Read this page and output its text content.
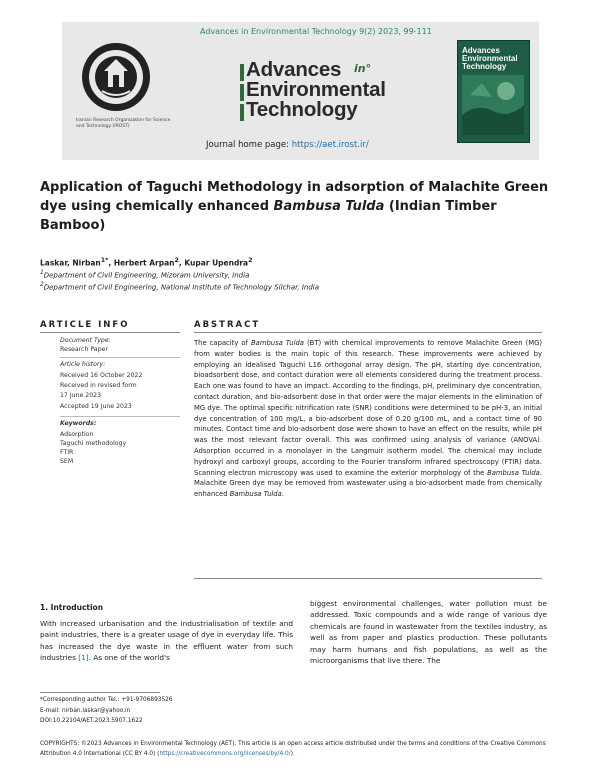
Advances in Environmental Technology 9(2) 2023, 99-111
Iranian Research Organization for Science and Technology (IROST)
Advances
Environmental
Technology
in°
Advances
Environmental
Technology
Journal home page: https://aet.irost.ir/
Application of Taguchi Methodology in adsorption of Malachite Green dye using chemically enhanced Bambusa Tulda (Indian Timber Bamboo)
Laskar, Nirban$^{1*}$, Herbert Arpan$^2$, Kupar Upendra$^2$
$^1$Department of Civil Engineering, Mizoram University, India
$^2$Department of Civil Engineering, National Institute of Technology Silchar, India
ARTICLE INFO	ABSTRACT
Document Type:
Research Paper
Article history:
Received 16 October 2022
Received in revised form
17 June 2023
Accepted 19 June 2023
Keywords:
Adsorption
Taguchi methodology
FTIR
SEM
The capacity of Bambusa Tulda (BT) with chemical improvements to remove Malachite Green (MG) from water bodies is the main topic of this research. These improvements were achieved by employing an idealised Taguchi L16 orthogonal array design. The pH, starting dye concentration, bioadsorbent dose, and contact duration were all elements considered during the treatment process. Each one was found to have an impact. According to the findings, pH, preliminary dye concentration, contact duration, and bio-adsorbent dose in that order were the major elements in the elimination of MG dye. The optimal specific nitrification rate (SNR) conditions were determined to be pH-3, an initial dye concentration of 100 mg/L, a bio-adsorbent dose of 0.20 g/100 mL, and a contact time of 90 minutes. Contact time and bio-adsorbent dose were shown to have an effect on the results, while pH was the most relevant factor overall. This was confirmed using analysis of variance (ANOVA). Adsorption occurred in a monolayer in the Langmuir isotherm model. The chemical may include hydroxyl and carboxyl groups, according to the Fourier transform infrared spectroscopy (FTIR) data. Scanning electron microscopy was used to examine the exterior morphology of the Bambusa Tulda. Malachite Green dye may be removed from wastewater using a bio-adsorbent made from chemically enhanced Bambusa Tulda.
1. Introduction
With increased urbanisation and the industrialisation of textile and paint industries, there is a greater usage of dye in everyday life. This has increased the dye waste in the effluent water from such industries [1]. As one of the world's
biggest environmental challenges, water pollution must be addressed. Toxic compounds and a wide range of various dye chemicals are found in wastewater from the textiles industry, as well as from paper and plastics production. These pollutants may harm humans and fish populations, as well as the microorganisms that live there. The
*Corresponding author Tel.: +91-9706893526
E-mail: nirban.laskar@yahoo.in
DOI:10.22104/AET.2023.5907.1622
COPYRIGHTS: ©2023 Advances in Environmental Technology (AET). This article is an open access article distributed under the terms and conditions of the Creative Commons Attribution 4.0 International (CC BY 4.0) (https://creativecommons.org/licenses/by/4.0/)
